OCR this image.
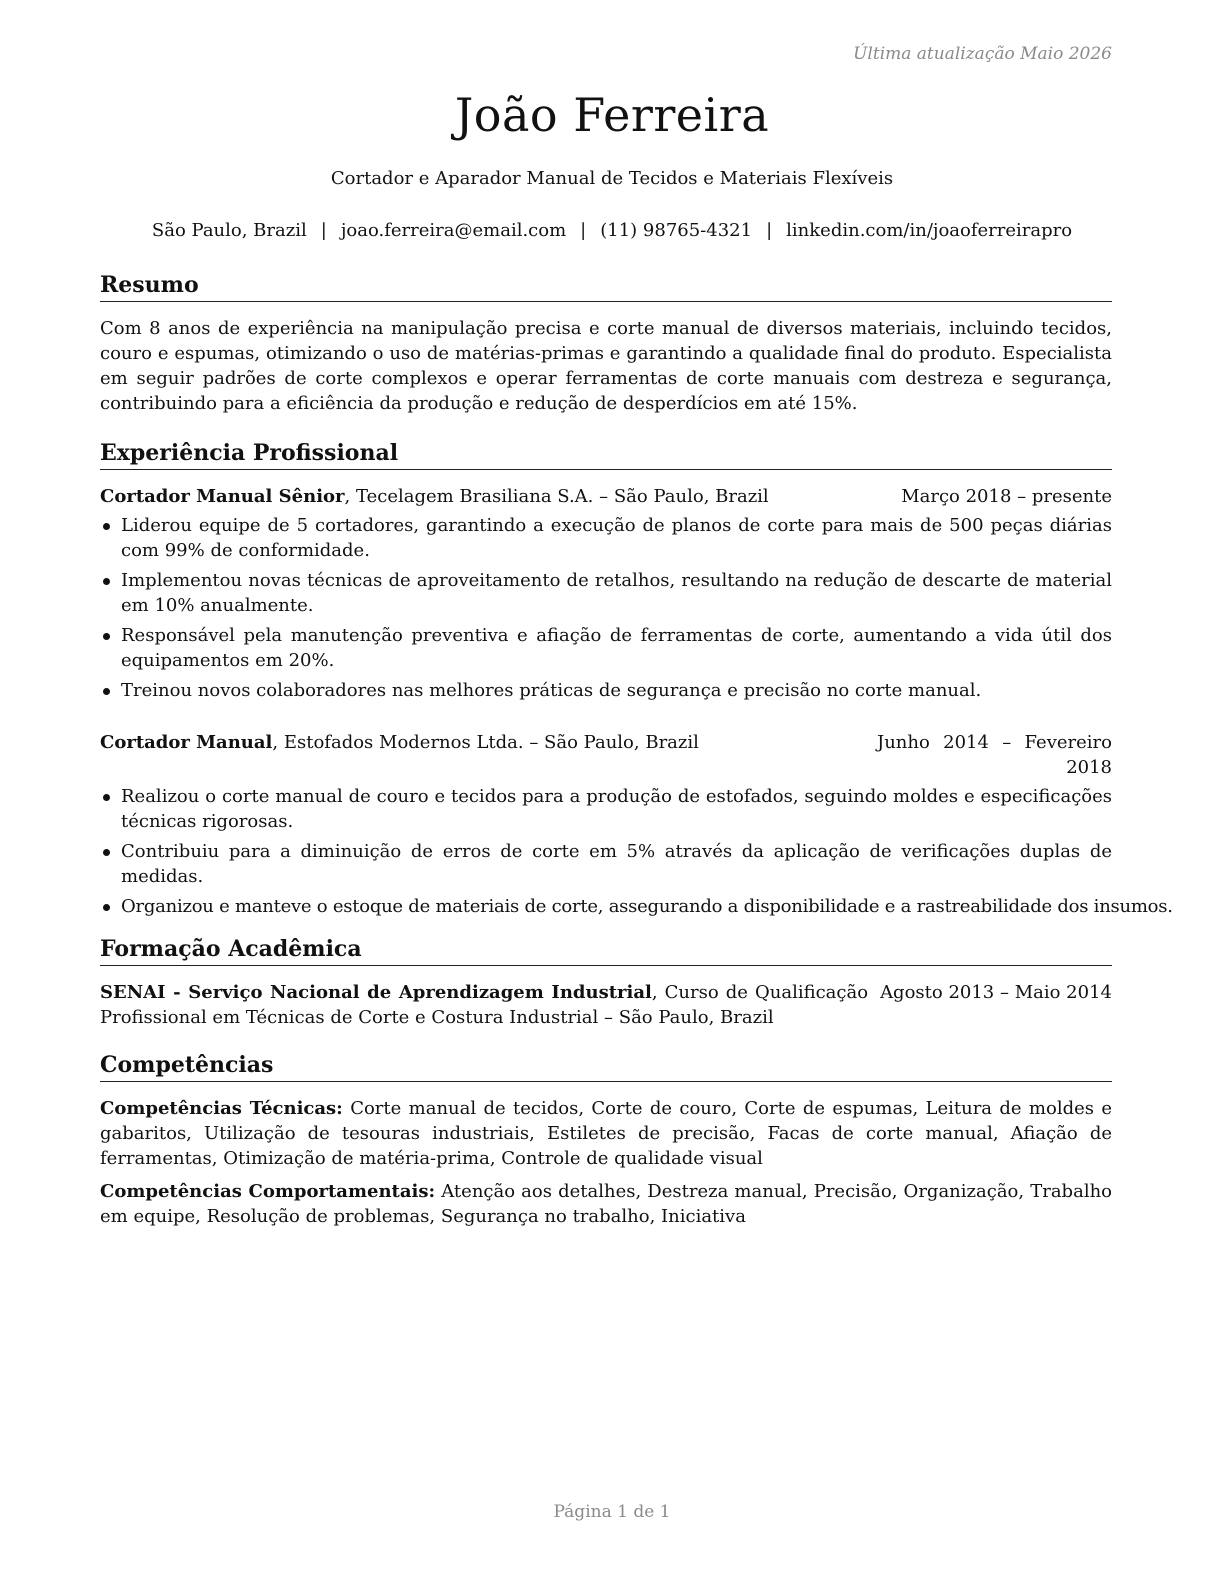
Última atualização Maio 2026
João Ferreira
Cortador e Aparador Manual de Tecidos e Materiais Flexíveis
São Paulo, Brazil | joao.ferreira@email.com | (11) 98765-4321 | linkedin.com/in/joaoferreirapro
Resumo

Com 8 anos de experiência na manipulação precisa e corte manual de diversos materiais, incluindo tecidos, couro e espumas, otimizando o uso de matérias-primas e garantindo a qualidade final do produto. Especialista em seguir padrões de corte complexos e operar ferramentas de corte manuais com destreza e segurança, contribuindo para a eficiência da produção e redução de desperdícios em até 15%.

Experiência Profissional
Cortador Manual Sênior, Tecelagem Brasiliana S.A. – São Paulo, Brazil	Março 2018 – presente
Liderou equipe de 5 cortadores, garantindo a execução de planos de corte para mais de 500 peças diárias com 99% de conformidade.
Implementou novas técnicas de aproveitamento de retalhos, resultando na redução de descarte de material em 10% anualmente.
Responsável pela manutenção preventiva e afiação de ferramentas de corte, aumentando a vida útil dos equipamentos em 20%.
Treinou novos colaboradores nas melhores práticas de segurança e precisão no corte manual.
Cortador Manual, Estofados Modernos Ltda. – São Paulo, Brazil	Junho 2014 – Fevereiro 2018
Realizou o corte manual de couro e tecidos para a produção de estofados, seguindo moldes e especificações técnicas rigorosas.
Contribuiu para a diminuição de erros de corte em 5% através da aplicação de verificações duplas de medidas.
Organizou e manteve o estoque de materiais de corte, assegurando a disponibilidade e a rastreabilidade dos insumos.
Formação Acadêmica
SENAI - Serviço Nacional de Aprendizagem Industrial, Curso de Qualificação Profissional em Técnicas de Corte e Costura Industrial – São Paulo, Brazil
Agosto 2013 – Maio 2014
Competências

Competências Técnicas: Corte manual de tecidos, Corte de couro, Corte de espumas, Leitura de moldes e gabaritos, Utilização de tesouras industriais, Estiletes de precisão, Facas de corte manual, Afiação de ferramentas, Otimização de matéria-prima, Controle de qualidade visual

Competências Comportamentais: Atenção aos detalhes, Destreza manual, Precisão, Organização, Trabalho em equipe, Resolução de problemas, Segurança no trabalho, Iniciativa

Página 1 de 1
